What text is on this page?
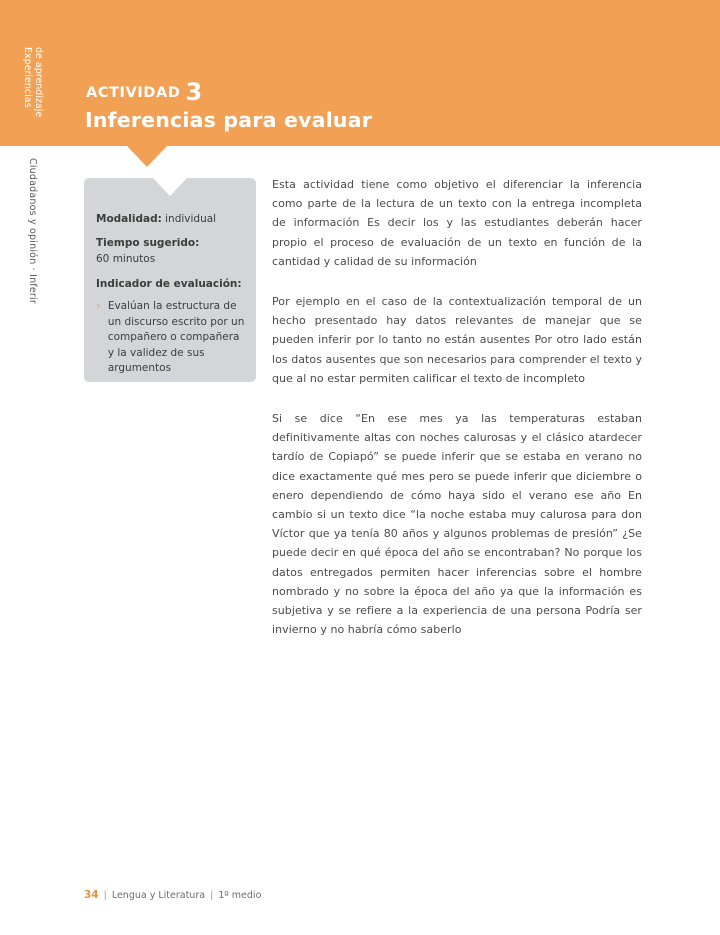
Experiencias de aprendizaje
Ciudadanos y opinión · Inferir
ACTIVIDAD 3
Inferencias para evaluar
Modalidad: individual
Tiempo sugerido:
60 minutos
Indicador de evaluación:
› Evalúan la estructura de un discurso escrito por un compañero o compañera y la validez de sus argumentos

Esta actividad tiene como objetivo el diferenciar la inferencia como parte de la lectura de un texto con la entrega incompleta de información Es decir los y las estudiantes deberán hacer propio el proceso de evaluación de un texto en función de la cantidad y calidad de su información

Por ejemplo en el caso de la contextualización temporal de un hecho presentado hay datos relevantes de manejar que se pueden inferir por lo tanto no están ausentes Por otro lado están los datos ausentes que son necesarios para comprender el texto y que al no estar permiten calificar el texto de incompleto

Si se dice “En ese mes ya las temperaturas estaban definitivamente altas con noches calurosas y el clásico atardecer tardío de Copiapó” se puede inferir que se estaba en verano no dice exactamente qué mes pero se puede inferir que diciembre o enero dependiendo de cómo haya sido el verano ese año En cambio si un texto dice “la noche estaba muy calurosa para don Víctor que ya tenía 80 años y algunos problemas de presión” ¿Se puede decir en qué época del año se encontraban? No porque los datos entregados permiten hacer inferencias sobre el hombre nombrado y no sobre la época del año ya que la información es subjetiva y se refiere a la experiencia de una persona Podría ser invierno y no habría cómo saberlo

34 | Lengua y Literatura | 1º medio
